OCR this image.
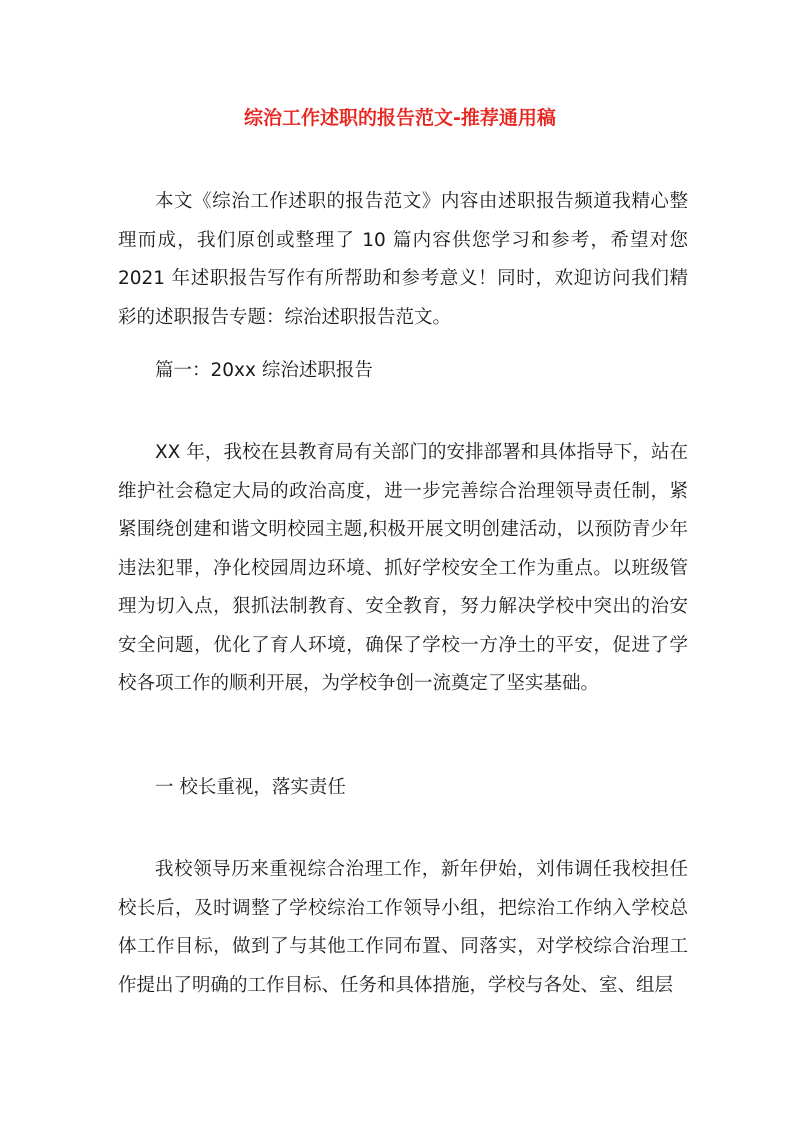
综治工作述职的报告范文-推荐通用稿

本文《综治工作述职的报告范文》内容由述职报告频道我精心整理而成，我们原创或整理了 10 篇内容供您学习和参考，希望对您 2021 年述职报告写作有所帮助和参考意义！同时，欢迎访问我们精彩的述职报告专题：综治述职报告范文。

篇一：20xx 综治述职报告

XX 年，我校在县教育局有关部门的安排部署和具体指导下，站在维护社会稳定大局的政治高度，进一步完善综合治理领导责任制，紧紧围绕创建和谐文明校园主题,积极开展文明创建活动，以预防青少年违法犯罪，净化校园周边环境、抓好学校安全工作为重点。以班级管理为切入点，狠抓法制教育、安全教育，努力解决学校中突出的治安安全问题，优化了育人环境，确保了学校一方净土的平安，促进了学校各项工作的顺利开展，为学校争创一流奠定了坚实基础。

一 校长重视，落实责任

我校领导历来重视综合治理工作，新年伊始，刘伟调任我校担任校长后，及时调整了学校综治工作领导小组，把综治工作纳入学校总体工作目标，做到了与其他工作同布置、同落实，对学校综合治理工作提出了明确的工作目标、任务和具体措施，学校与各处、室、组层
